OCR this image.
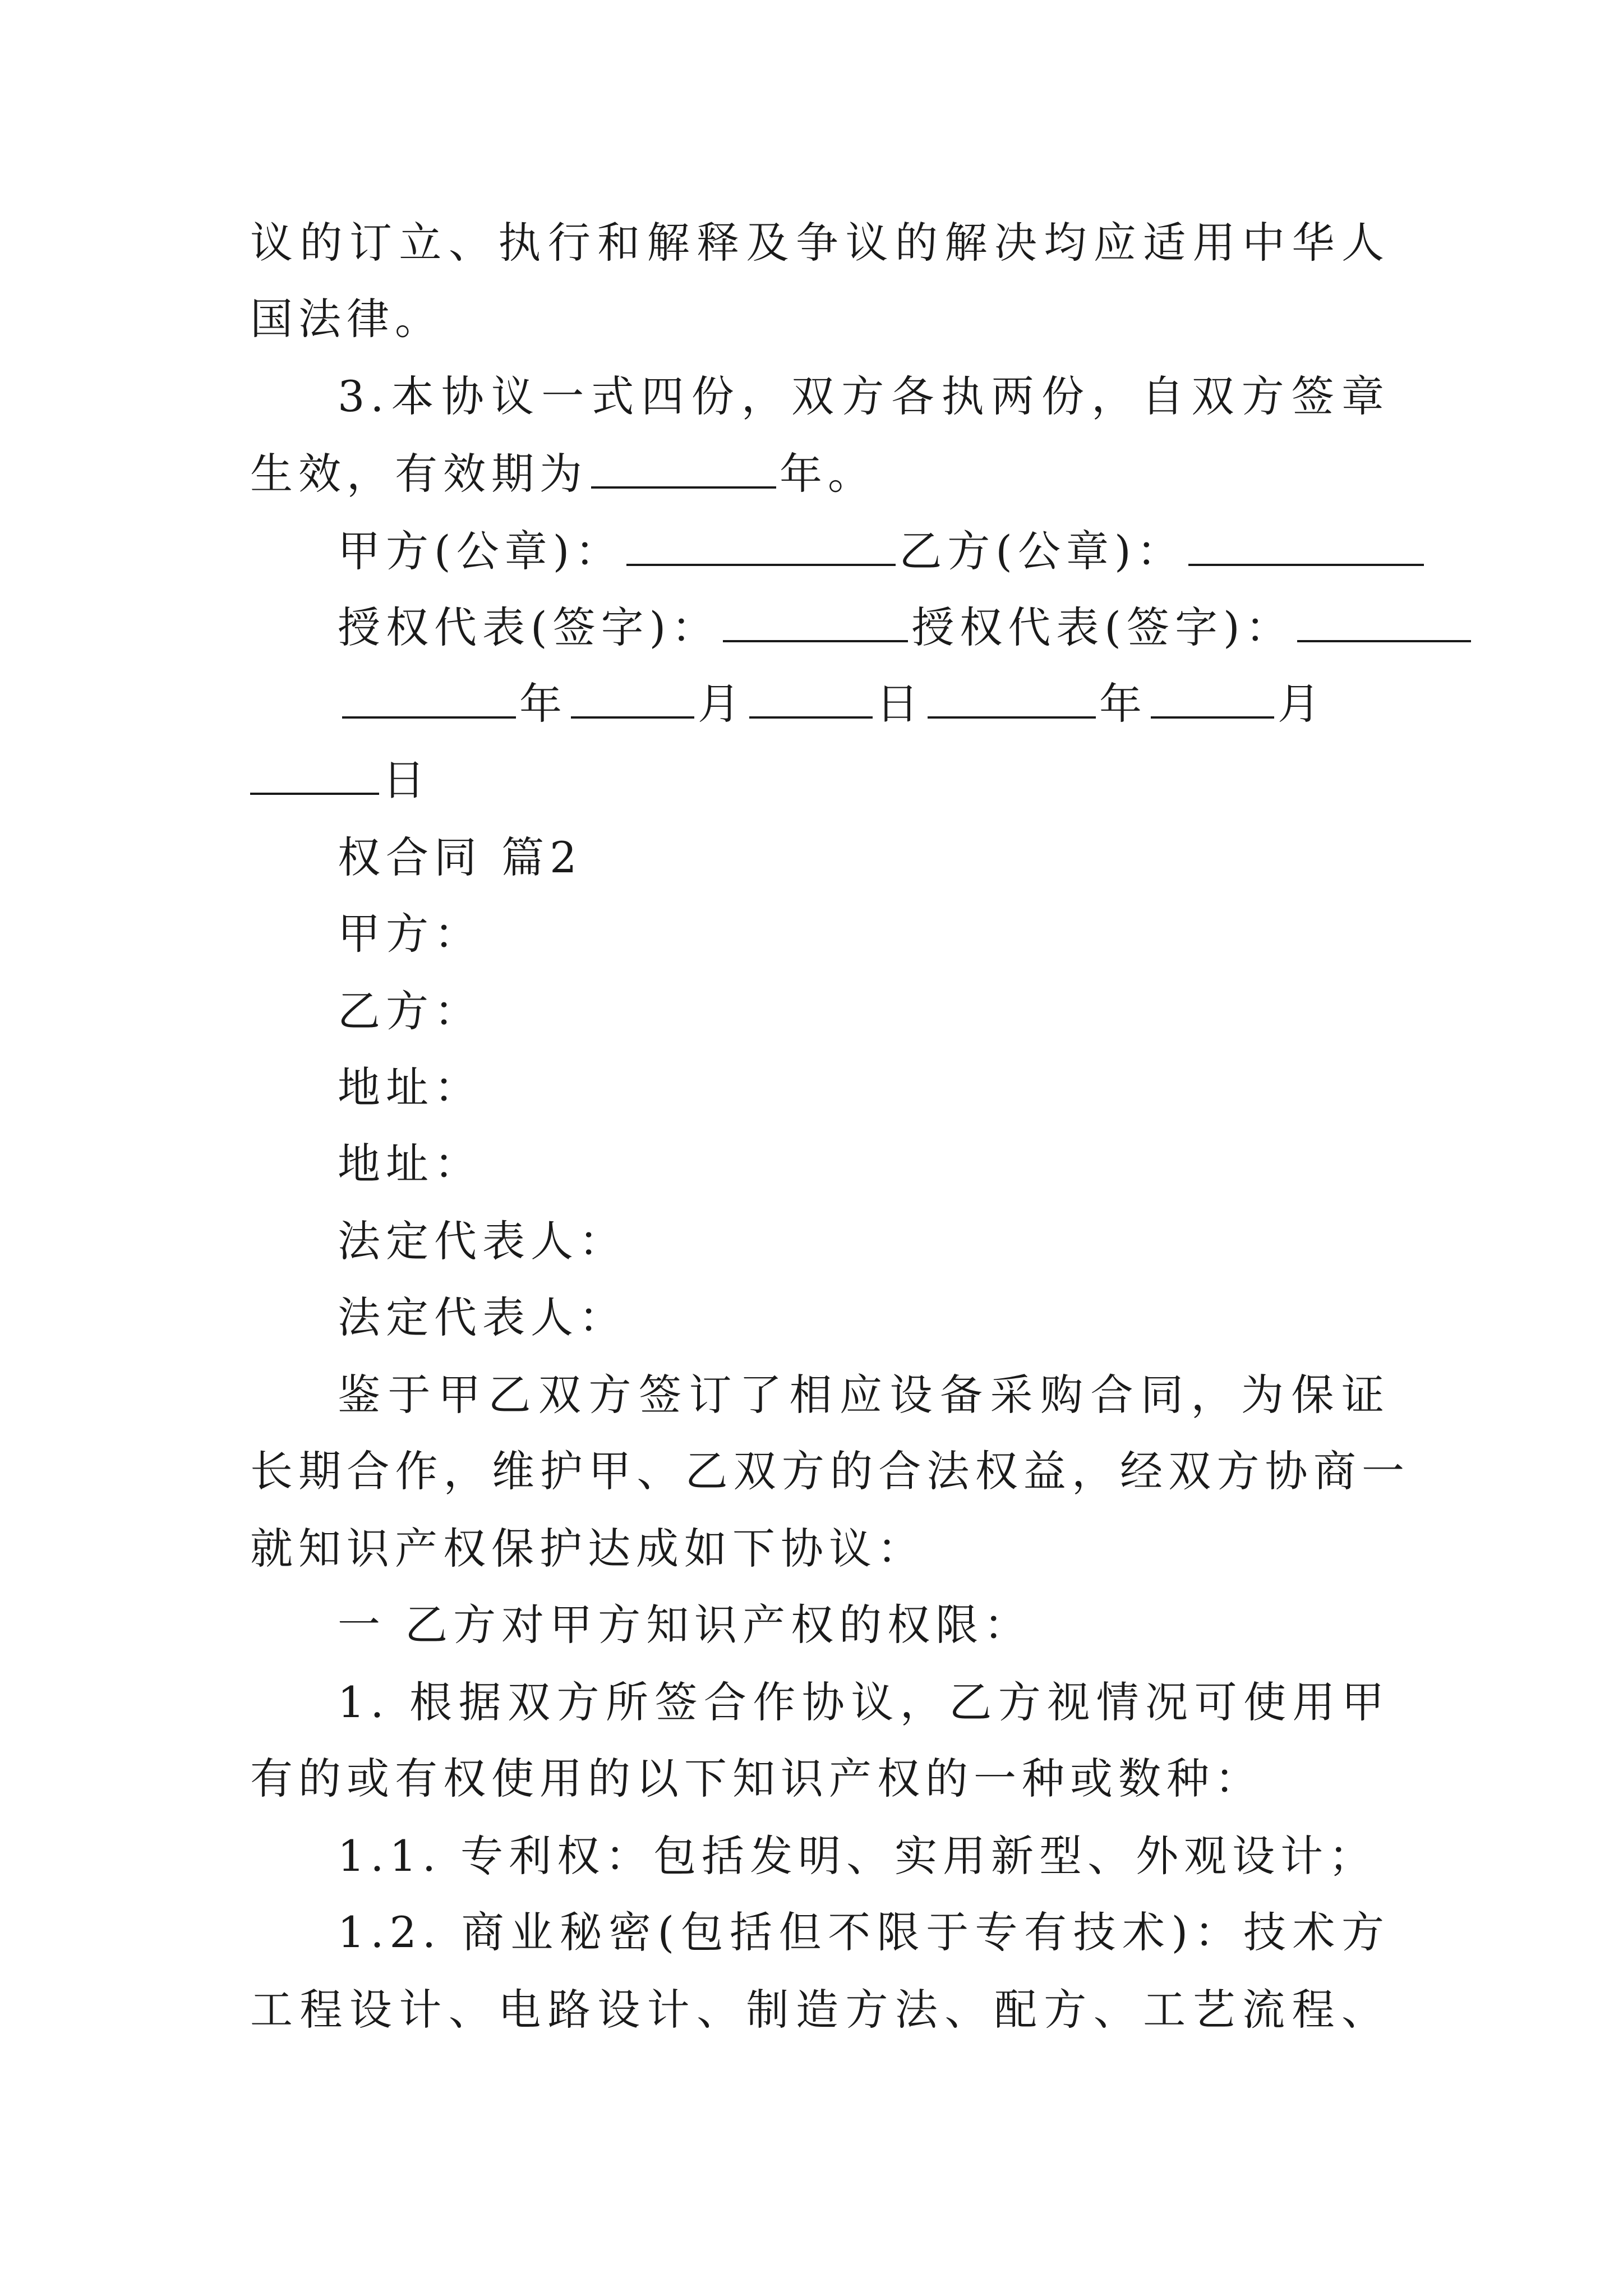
议的订立、执行和解释及争议的解决均应适用中华人
国法律。
3.本协议一式四份，双方各执两份，自双方签章
生效，有效期为	年。
甲方(公章)：	乙方(公章)：
授权代表(签字)：	授权代表(签字)：
年	月	日	年	月
日
权合同 篇2
甲方：
乙方：
地址：
地址：
法定代表人：
法定代表人：
鉴于甲乙双方签订了相应设备采购合同，为保证
长期合作，维护甲、乙双方的合法权益，经双方协商一
就知识产权保护达成如下协议：
一 乙方对甲方知识产权的权限：
1. 根据双方所签合作协议，乙方视情况可使用甲
有的或有权使用的以下知识产权的一种或数种：
1.1. 专利权：包括发明、实用新型、外观设计；
1.2. 商业秘密(包括但不限于专有技术)：技术方
工程设计、电路设计、制造方法、配方、工艺流程、
